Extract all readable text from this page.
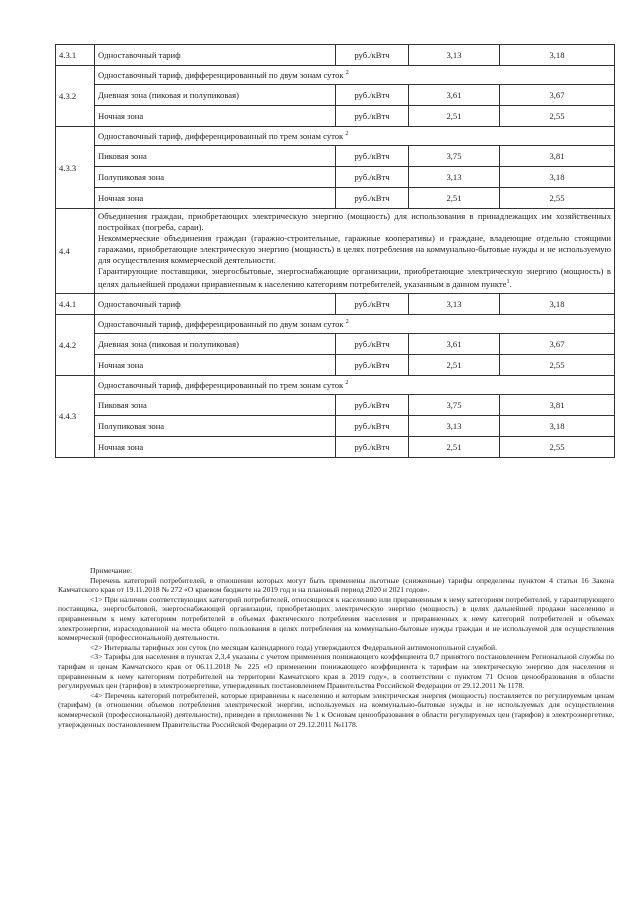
4.3.1	Одноставочный тариф	руб./кВтч	3,13	3,18
4.3.2	Одноставочный тариф, дифференцированный по двум зонам суток $^2$
	Дневная зона (пиковая и полупиковая)	руб./кВтч	3,61	3,67
	Ночная зона	руб./кВтч	2,51	2,55
4.3.3	Одноставочный тариф, дифференцированный по трем зонам суток $^2$
	Пиковая зона	руб./кВтч	3,75	3,81
	Полупиковая зона	руб./кВтч	3,13	3,18
	Ночная зона	руб./кВтч	2,51	2,55
4.4	Объединения граждан, приобретающих электрическую энергию (мощность) для использования в принадлежащих им хозяйственных постройках (погреба, сараи).

Некоммерческие объединения граждан (гаражно-строительные, гаражные кооперативы) и граждане, владеющие отдельно стоящими гаражами, приобретающие электрическую энергию (мощность) в целях потребления на коммунально-бытовые нужды и не используемую для осуществления коммерческой деятельности.

Гарантирующие поставщики, энергосбытовые, энергоснабжающие организации, приобретающие электрическую энергию (мощность) в целях дальнейшей продажи приравненным к населению категориям потребителей, указанным в данном пункте$^1$.			

4.4.1	Одноставочный тариф	руб./кВтч	3,13	3,18
4.4.2	Одноставочный тариф, дифференцированный по двум зонам суток $^2$
	Дневная зона (пиковая и полупиковая)	руб./кВтч	3,61	3,67
	Ночная зона	руб./кВтч	2,51	2,55
4.4.3	Одноставочный тариф, дифференцированный по трем зонам суток $^2$
	Пиковая зона	руб./кВтч	3,75	3,81
	Полупиковая зона	руб./кВтч	3,13	3,18
	Ночная зона	руб./кВтч	2,51	2,55

Примечание:

Перечень категорий потребителей, в отношении которых могут быть применены льготные (сниженные) тарифы определены пунктом 4 статьи 16 Закона Камчатского края от 19.11.2018 № 272 «О краевом бюджете на 2019 год и на плановый период 2020 и 2021 годов».

<1> При наличии соответствующих категорий потребителей, относящихся к населению или приравненным к нему категориям потребителей, у гарантирующего поставщика, энергосбытовой, энергоснабжающей организации, приобретающих электрическую энергию (мощность) в целях дальнейшей продажи населению и приравненным к нему категориям потребителей в объемах фактического потребления населения и приравненных к нему категорий потребителей и объемах электроэнергии, израсходованной на места общего пользования в целях потребления на коммунально-бытовые нужды граждан и не используемой для осуществления коммерческой (профессиональной) деятельности.

<2> Интервалы тарифных зон суток (по месяцам календарного года) утверждаются Федеральной антимонопольной службой.

<3> Тарифы для населения в пунктах 2,3,4 указаны с учетом применения понижающего коэффициента 0,7 принятого постановлением Региональной службы по тарифам и ценам Камчатского края от 06.11.2018 № 225 «О применении понижающего коэффициента к тарифам на электрическую энергию для населения и приравненным к нему категориям потребителей на территории Камчатского края в 2019 году», в соответствии с пунктом 71 Основ ценообразования в области регулируемых цен (тарифов) в электроэнергетике, утвержденных постановлением Правительства Российской Федерации от 29.12.2011 № 1178.

<4> Перечень категорий потребителей, которые приравнены к населению и которым электрическая энергия (мощность) поставляется по регулируемым ценам (тарифам) (в отношении объемов потребления электрической энергии, используемых на коммунально-бытовые нужды и не используемых для осуществления коммерческой (профессиональной) деятельности), приведен в приложении № 1 к Основам ценообразования в области регулируемых цен (тарифов) в электроэнергетике, утвержденных постановлением Правительства Российской Федерации от 29.12.2011 №1178.
